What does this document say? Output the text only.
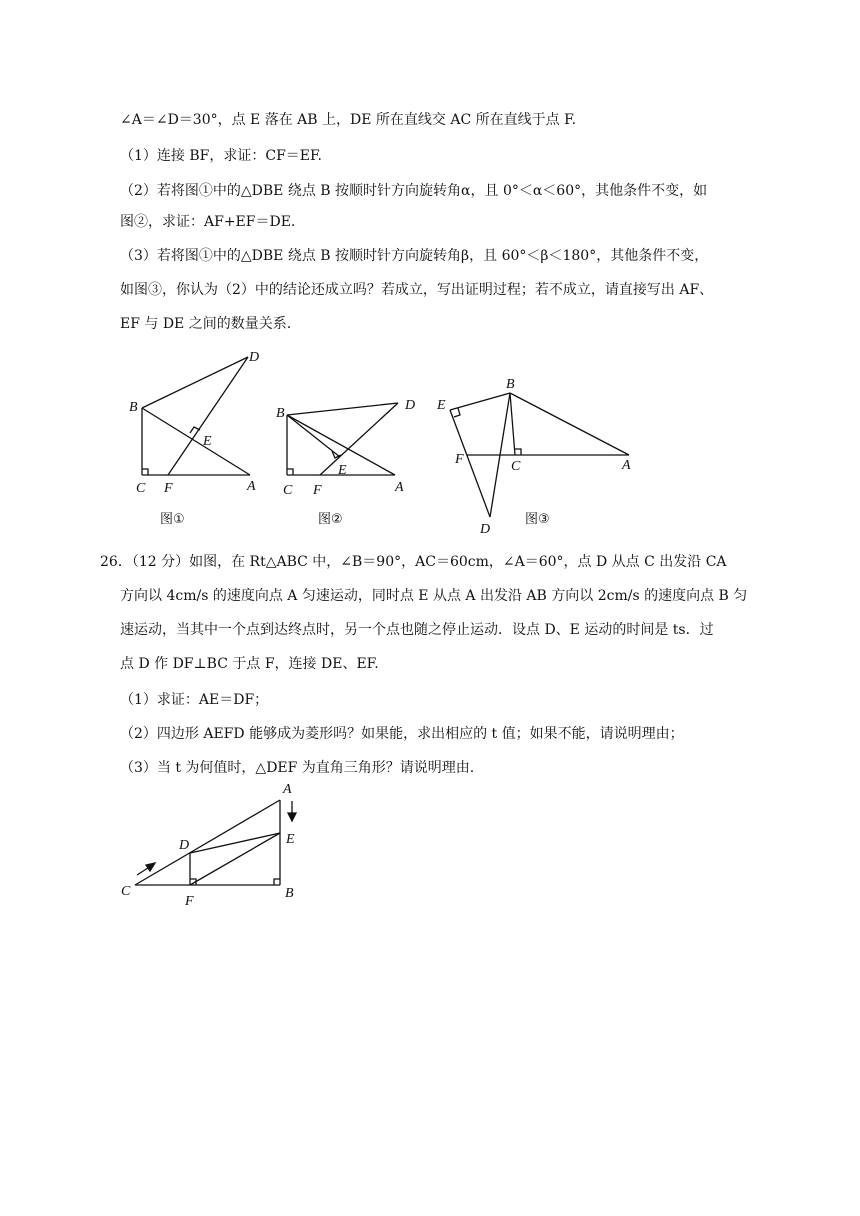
∠A＝∠D＝30°，点 E 落在 AB 上，DE 所在直线交 AC 所在直线于点 F.
（1）连接 BF，求证：CF＝EF.
（2）若将图①中的△DBE 绕点 B 按顺时针方向旋转角α，且 0°＜α＜60°，其他条件不变，如
图②，求证：AF+EF＝DE.
（3）若将图①中的△DBE 绕点 B 按顺时针方向旋转角β，且 60°＜β＜180°，其他条件不变，
如图③，你认为（2）中的结论还成立吗？若成立，写出证明过程；若不成立，请直接写出 AF、
EF 与 DE 之间的数量关系.
B
C F	A
D
E
图①
B
C F	A
D
E
图②
E
B
F	C	A
D
图③
26．（12 分）如图，在 Rt△ABC 中，∠B＝90°，AC＝60cm，∠A＝60°，点 D 从点 C 出发沿 CA
方向以 4cm/s 的速度向点 A 匀速运动，同时点 E 从点 A 出发沿 AB 方向以 2cm/s 的速度向点 B 匀
速运动，当其中一个点到达终点时，另一个点也随之停止运动．设点 D、E 运动的时间是 ts．过
点 D 作 DF⊥BC 于点 F，连接 DE、EF.
（1）求证：AE＝DF；
（2）四边形 AEFD 能够成为菱形吗？如果能，求出相应的 t 值；如果不能，请说明理由；
（3）当 t 为何值时，△DEF 为直角三角形？请说明理由.
A
D	E
C
F
B
